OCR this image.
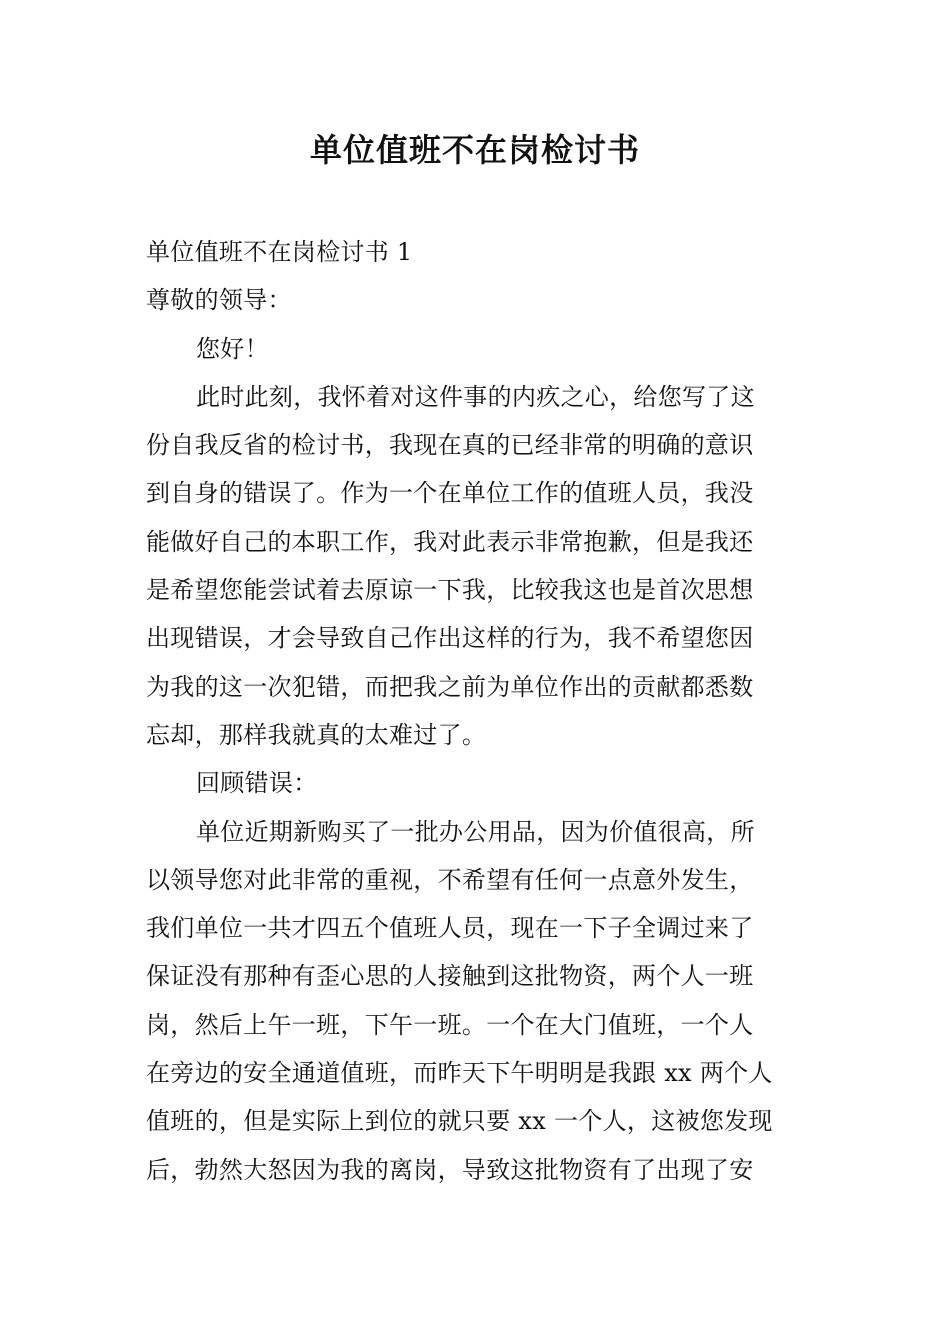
单位值班不在岗检讨书
单位值班不在岗检讨书 1
尊敬的领导：
您好！
此时此刻，我怀着对这件事的内疚之心，给您写了这
份自我反省的检讨书，我现在真的已经非常的明确的意识
到自身的错误了。作为一个在单位工作的值班人员，我没
能做好自己的本职工作，我对此表示非常抱歉，但是我还
是希望您能尝试着去原谅一下我，比较我这也是首次思想
出现错误，才会导致自己作出这样的行为，我不希望您因
为我的这一次犯错，而把我之前为单位作出的贡献都悉数
忘却，那样我就真的太难过了。
回顾错误：
单位近期新购买了一批办公用品，因为价值很高，所
以领导您对此非常的重视，不希望有任何一点意外发生，
我们单位一共才四五个值班人员，现在一下子全调过来了
保证没有那种有歪心思的人接触到这批物资，两个人一班
岗，然后上午一班，下午一班。一个在大门值班，一个人
在旁边的安全通道值班，而昨天下午明明是我跟 xx 两个人
值班的，但是实际上到位的就只要 xx 一个人，这被您发现
后，勃然大怒因为我的离岗，导致这批物资有了出现了安
